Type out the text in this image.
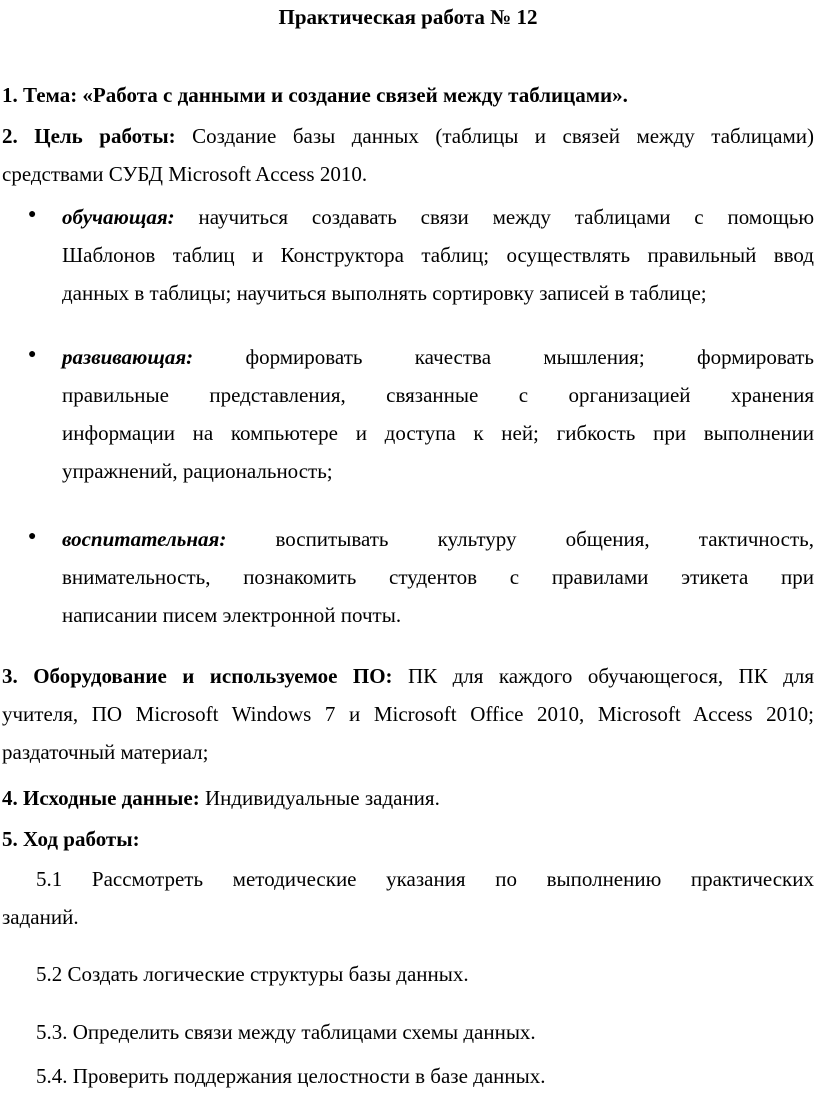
Практическая работа № 12
1. Тема: «Работа с данными и создание связей между таблицами».
2. Цель работы: Создание базы данных (таблицы и связей между таблицами)
средствами СУБД Microsoft Access 2010.
● обучающая: научиться создавать связи между таблицами с помощью
Шаблонов таблиц и Конструктора таблиц; осуществлять правильный ввод
данных в таблицы; научиться выполнять сортировку записей в таблице;
● развивающая: формировать качества мышления; формировать
правильные представления, связанные с организацией хранения
информации на компьютере и доступа к ней; гибкость при выполнении
упражнений, рациональность;
● воспитательная: воспитывать культуру общения, тактичность,
внимательность, познакомить студентов с правилами этикета при
написании писем электронной почты.
3. Оборудование и используемое ПО: ПК для каждого обучающегося, ПК для
учителя, ПО Microsoft Windows 7 и Microsoft Office 2010, Microsoft Access 2010;
раздаточный материал;
4. Исходные данные: Индивидуальные задания.
5. Ход работы:
5.1 Рассмотреть методические указания по выполнению практических
заданий.
5.2 Создать логические структуры базы данных.
5.3. Определить связи между таблицами схемы данных.
5.4. Проверить поддержания целостности в базе данных.
